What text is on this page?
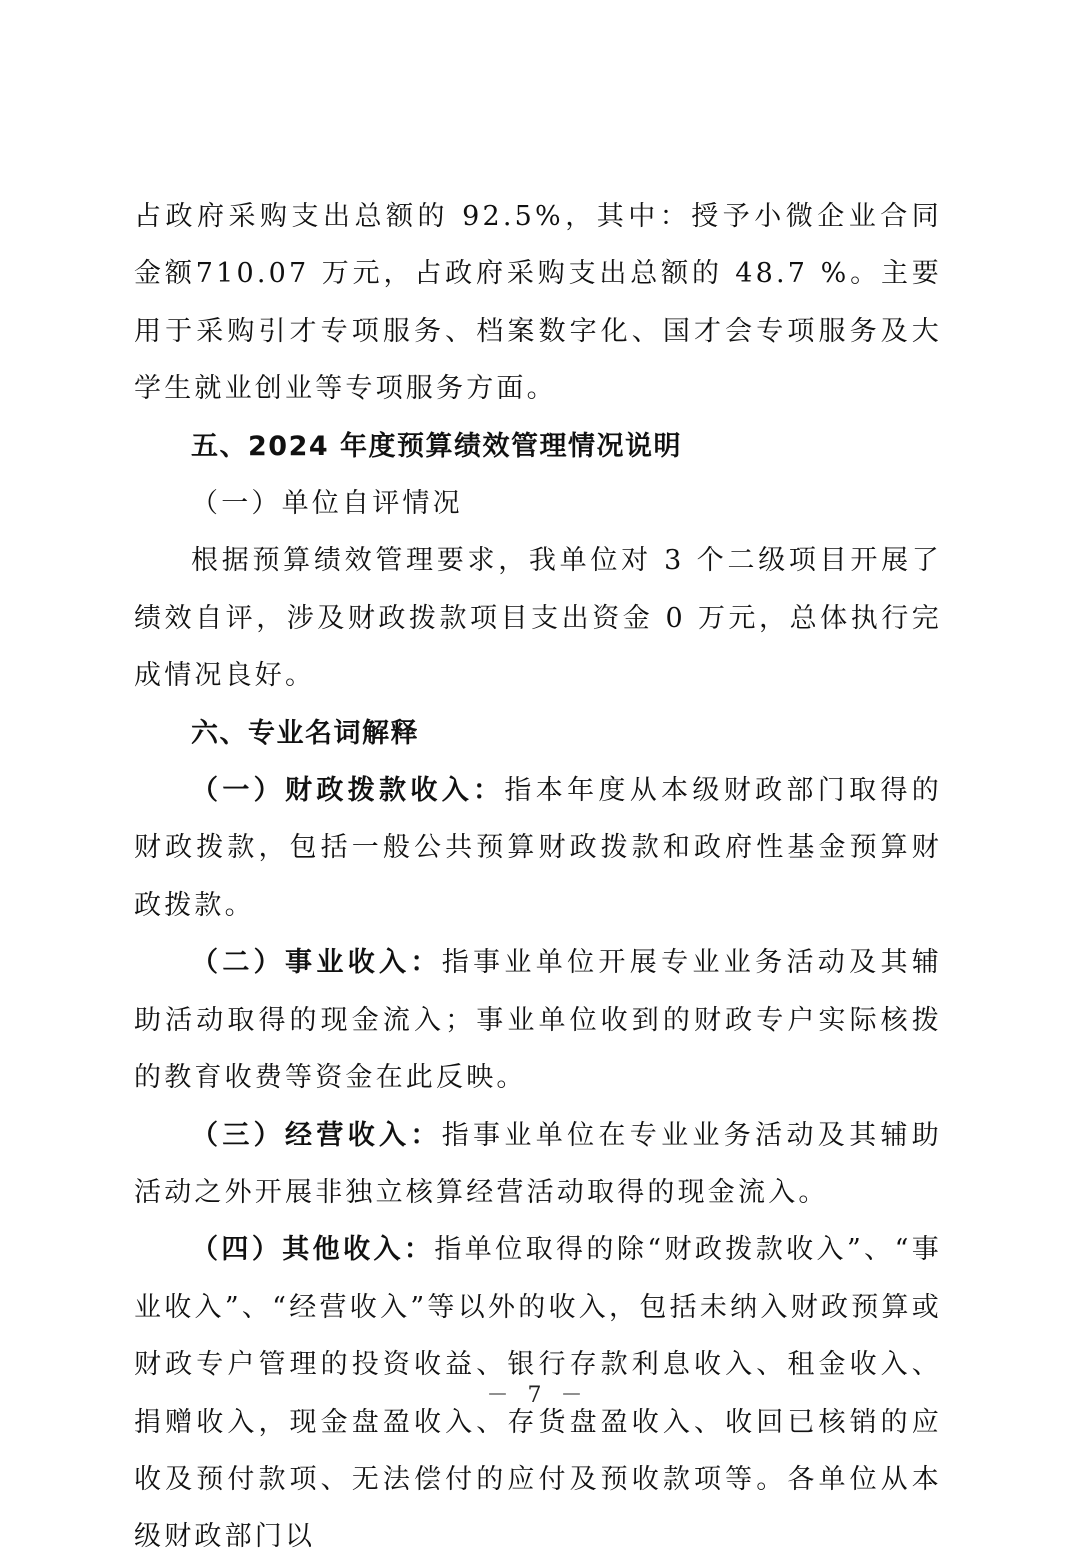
占政府采购支出总额的 92.5%，其中：授予小微企业合同金额710.07 万元，占政府采购支出总额的 48.7 %。主要用于采购引才专项服务、档案数字化、国才会专项服务及大学生就业创业等专项服务方面。

五、2024 年度预算绩效管理情况说明

（一）单位自评情况

根据预算绩效管理要求，我单位对 3 个二级项目开展了绩效自评，涉及财政拨款项目支出资金 0 万元，总体执行完成情况良好。

六、专业名词解释

（一）财政拨款收入：指本年度从本级财政部门取得的财政拨款，包括一般公共预算财政拨款和政府性基金预算财政拨款。

（二）事业收入：指事业单位开展专业业务活动及其辅助活动取得的现金流入；事业单位收到的财政专户实际核拨的教育收费等资金在此反映。

（三）经营收入：指事业单位在专业业务活动及其辅助活动之外开展非独立核算经营活动取得的现金流入。

（四）其他收入：指单位取得的除“财政拨款收入”、“事业收入”、“经营收入”等以外的收入，包括未纳入财政预算或财政专户管理的投资收益、银行存款利息收入、租金收入、捐赠收入，现金盘盈收入、存货盘盈收入、收回已核销的应收及预付款项、无法偿付的应付及预收款项等。各单位从本级财政部门以

－ 7 －
